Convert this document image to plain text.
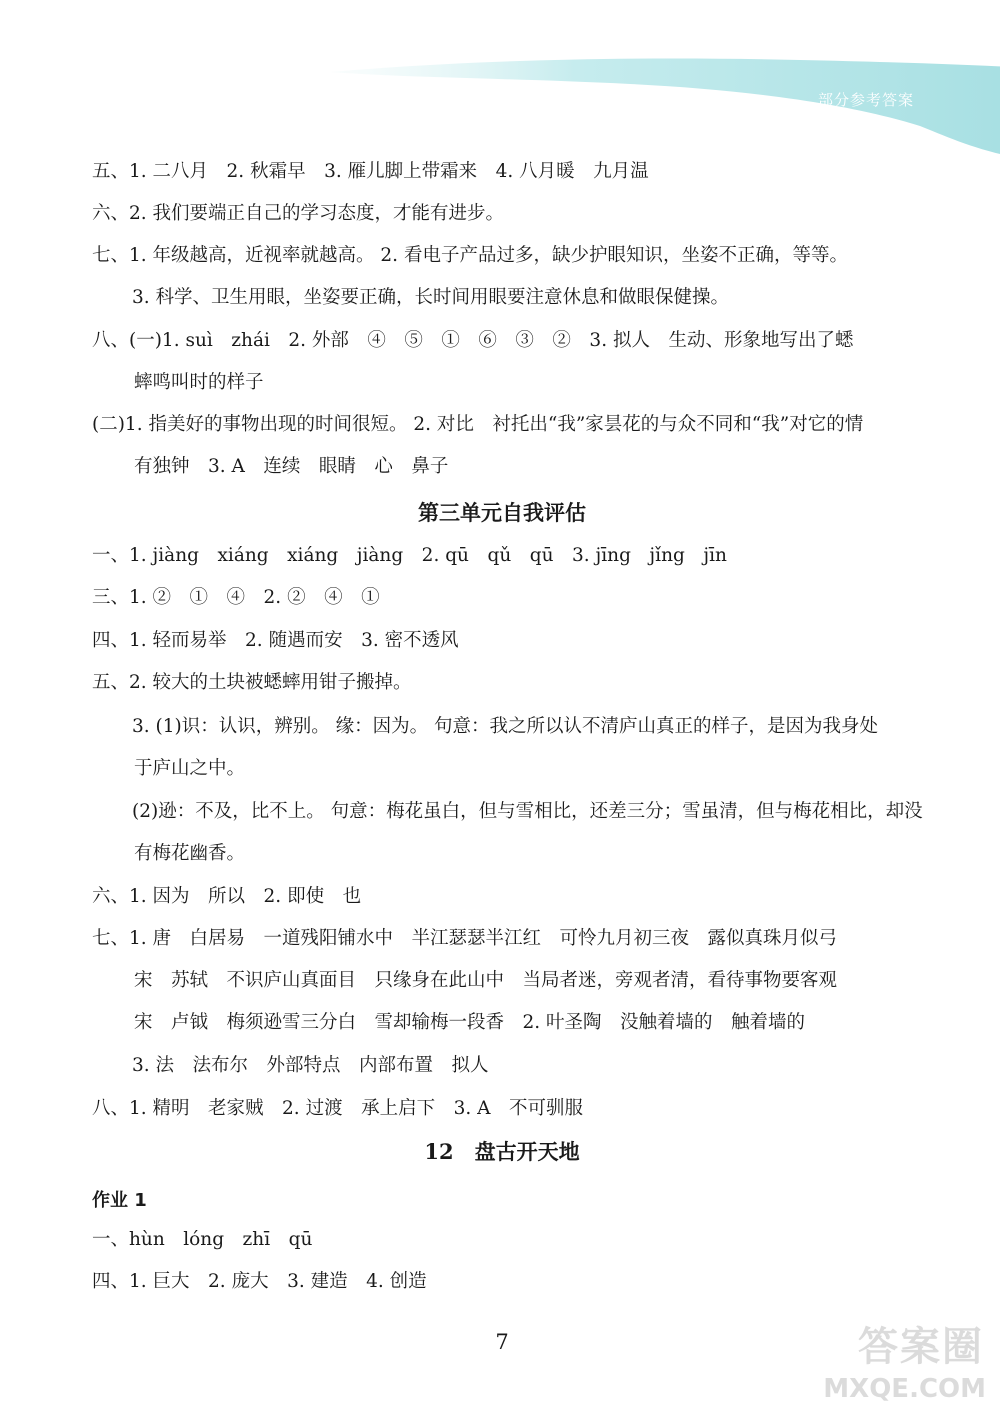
部分参考答案
五、1. 二八月　2. 秋霜早　3. 雁儿脚上带霜来　4. 八月暖　九月温
六、2. 我们要端正自己的学习态度，才能有进步。
七、1. 年级越高，近视率就越高。 2. 看电子产品过多，缺少护眼知识，坐姿不正确，等等。
3. 科学、卫生用眼，坐姿要正确，长时间用眼要注意休息和做眼保健操。
八、(一)1. suì　zhái　2. 外部　④　⑤　①　⑥　③　②　3. 拟人　生动、形象地写出了蟋
蟀鸣叫时的样子
(二)1. 指美好的事物出现的时间很短。 2. 对比　衬托出“我”家昙花的与众不同和“我”对它的情
有独钟　3. A　连续　眼睛　心　鼻子
第三单元自我评估
一、1. jiàng　xiáng　xiáng　jiàng　2. qū　qǔ　qū　3. jīng　jǐng　jīn
三、1. ②　①　④　2. ②　④　①
四、1. 轻而易举　2. 随遇而安　3. 密不透风
五、2. 较大的土块被蟋蟀用钳子搬掉。
3. (1)识：认识，辨别。 缘：因为。 句意：我之所以认不清庐山真正的样子，是因为我身处
于庐山之中。
(2)逊：不及，比不上。 句意：梅花虽白，但与雪相比，还差三分；雪虽清，但与梅花相比，却没
有梅花幽香。
六、1. 因为　所以　2. 即使　也
七、1. 唐　白居易　一道残阳铺水中　半江瑟瑟半江红　可怜九月初三夜　露似真珠月似弓
宋　苏轼　不识庐山真面目　只缘身在此山中　当局者迷，旁观者清，看待事物要客观
宋　卢钺　梅须逊雪三分白　雪却输梅一段香　2. 叶圣陶　没触着墙的　触着墙的
3. 法　法布尔　外部特点　内部布置　拟人
八、1. 精明　老家贼　2. 过渡　承上启下　3. A　不可驯服
12　盘古开天地
作业 1
一、hùn　lóng　zhī　qū
四、1. 巨大　2. 庞大　3. 建造　4. 创造
7	答案圈
MXQE.COM
